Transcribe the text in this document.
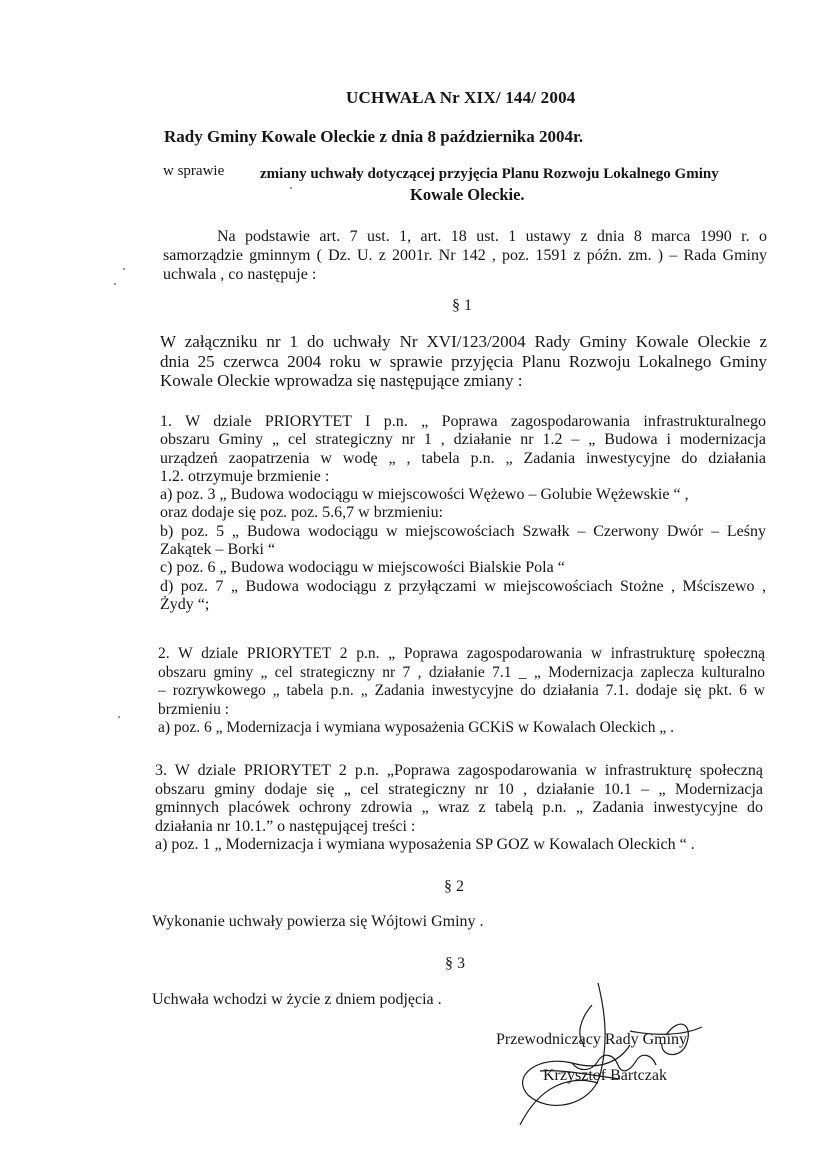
UCHWAŁA Nr XIX/ 144/ 2004
Rady Gminy Kowale Oleckie z dnia 8 października 2004r.
w sprawie zmiany uchwały dotyczącej przyjęcia Planu Rozwoju Lokalnego Gminy
Kowale Oleckie.
Na podstawie art. 7 ust. 1, art. 18 ust. 1 ustawy z dnia 8 marca 1990 r. o
samorządzie gminnym ( Dz. U. z 2001r. Nr 142 , poz. 1591 z późn. zm. ) – Rada Gminy
uchwala , co następuje :
§ 1
W załączniku nr 1 do uchwały Nr XVI/123/2004 Rady Gminy Kowale Oleckie z
dnia 25 czerwca 2004 roku w sprawie przyjęcia Planu Rozwoju Lokalnego Gminy
Kowale Oleckie wprowadza się następujące zmiany :
1. W dziale PRIORYTET I p.n. „ Poprawa zagospodarowania infrastrukturalnego
obszaru Gminy „ cel strategiczny nr 1 , działanie nr 1.2 – „ Budowa i modernizacja
urządzeń zaopatrzenia w wodę „ , tabela p.n. „ Zadania inwestycyjne do działania
1.2. otrzymuje brzmienie :
a) poz. 3 „ Budowa wodociągu w miejscowości Wężewo – Golubie Wężewskie “ ,
oraz dodaje się poz. poz. 5.6,7 w brzmieniu:
b) poz. 5 „ Budowa wodociągu w miejscowościach Szwałk – Czerwony Dwór – Leśny
Zakątek – Borki “
c) poz. 6 „ Budowa wodociągu w miejscowości Bialskie Pola “
d) poz. 7 „ Budowa wodociągu z przyłączami w miejscowościach Stożne , Mściszewo ,
Żydy “;
2. W dziale PRIORYTET 2 p.n. „ Poprawa zagospodarowania w infrastrukturę społeczną
obszaru gminy „ cel strategiczny nr 7 , działanie 7.1 _ „ Modernizacja zaplecza kulturalno
– rozrywkowego „ tabela p.n. „ Zadania inwestycyjne do działania 7.1. dodaje się pkt. 6 w
brzmieniu :
a) poz. 6 „ Modernizacja i wymiana wyposażenia GCKiS w Kowalach Oleckich „ .
3. W dziale PRIORYTET 2 p.n. „Poprawa zagospodarowania w infrastrukturę społeczną
obszaru gminy dodaje się „ cel strategiczny nr 10 , działanie 10.1 – „ Modernizacja
gminnych placówek ochrony zdrowia „ wraz z tabelą p.n. „ Zadania inwestycyjne do
działania nr 10.1.” o następującej treści :
a) poz. 1 „ Modernizacja i wymiana wyposażenia SP GOZ w Kowalach Oleckich “ .
§ 2
Wykonanie uchwały powierza się Wójtowi Gminy .
§ 3
Uchwała wchodzi w życie z dniem podjęcia .
Przewodniczący Rady Gminy
Krzysztof Bartczak
